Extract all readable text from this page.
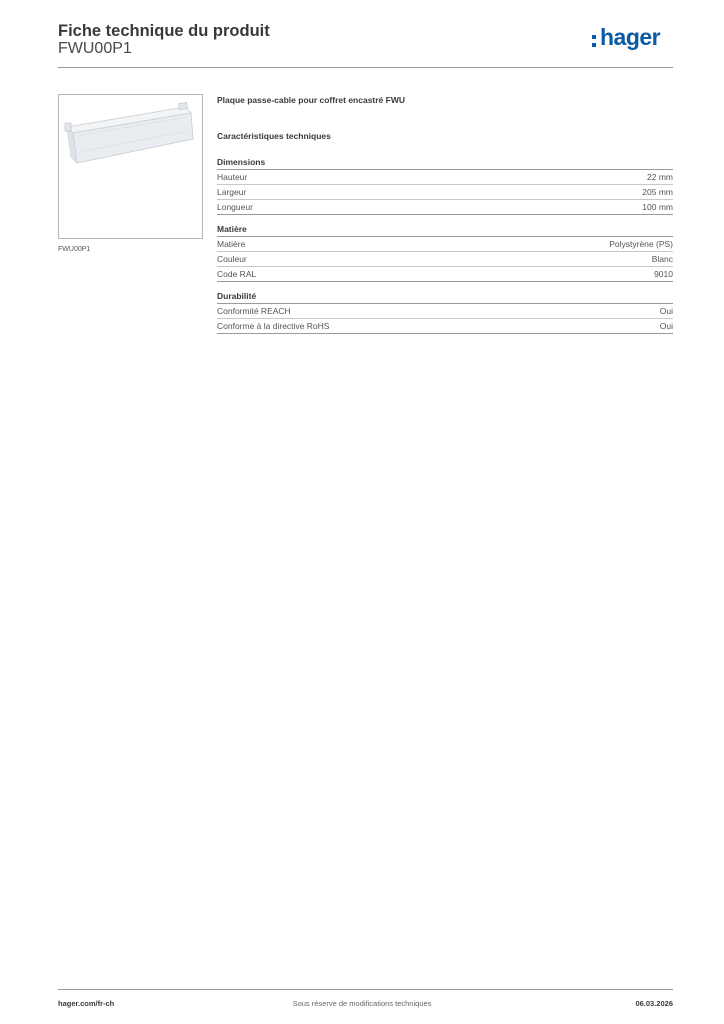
Fiche technique du produit
FWU00P1	hager
FWU00P1
Plaque passe-cable pour coffret encastré FWU
Caractéristiques techniques
Dimensions
Hauteur	22 mm
Largeur	205 mm
Longueur	100 mm
Matière
Matière	Polystyrène (PS)
Couleur	Blanc
Code RAL	9010
Durabilité
Conformité REACH	Oui
Conforme à la directive RoHS	Oui
hager.com/fr-ch	Sous réserve de modifications techniques	06.03.2026
